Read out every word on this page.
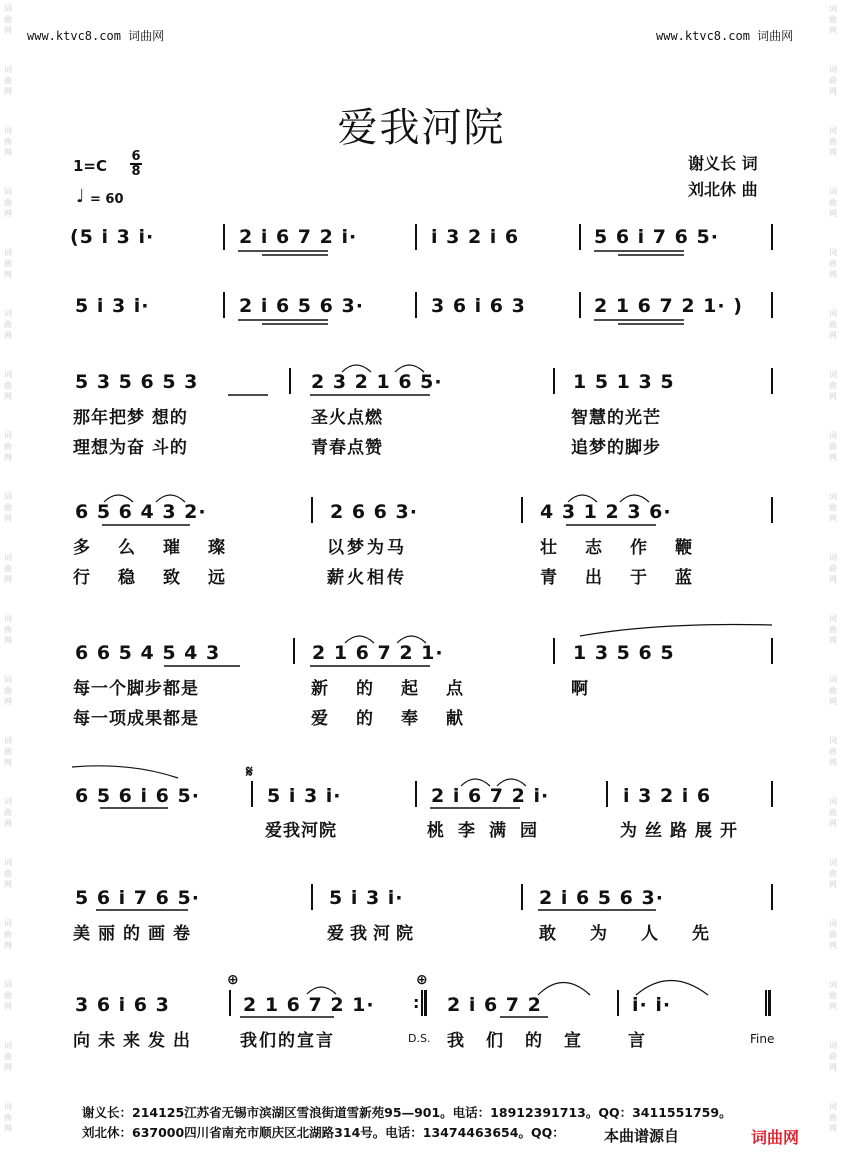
词
曲
网
词
曲
网
词
曲
网
词
曲
网
词
曲
网
词
曲
网
词
曲
网
词
曲
网
词
曲
网
词
曲
网
词
曲
网
词
曲
网
词
曲
网
词
曲
网
词
曲
网
词
曲
网
词
曲
网
词
曲
网
词
曲
网
词
曲
网
词
曲
网
词
曲
网
词
曲
网
词
曲
网
词
曲
网
词
曲
网
词
曲
网
词
曲
网
词
曲
网
词
曲
网
词
曲
网
词
曲
网
词
曲
网
词
曲
网
词
曲
网
词
曲
网
词
曲
网
词
曲
网
www.ktvc8.com 词曲网	www.ktvc8.com 词曲网
爱我河院
1=C
6
8
♩ = 60
谢义长 词
刘北休 曲
(5 i 3 i·	2 i 6 7 2 i·	i 3 2 i 6	5 6 i 7 6 5·
5 i 3 i·	2 i 6 5 6 3·	3 6 i 6 3	2 1 6 7 2 1· )
5 3 5 6 5 3	2 3 2 1 6 5·	1 5 1 3 5
那年把梦 想的	圣火点燃	智慧的光芒
理想为奋 斗的	青春点赞	追梦的脚步
6 5 6 4 3 2·	2 6 6 3·	4 3 1 2 3 6·
多么璀璨	以梦为马	壮志作鞭
行稳致远	薪火相传	青出于蓝
6 6 5 4 5 4 3	2 1 6 7 2 1·	1 3 5 6 5
每一个脚步都是	新的起点	啊
每一项成果都是	爱的奉献
6 5 6 i 6 5·	5 i 3 i·	2 i 6 7 2 i·	i 3 2 i 6
爱我河院	桃李满园	为丝路展开
5 6 i 7 6 5·	5 i 3 i·	2 i 6 5 6 3·
美丽的画卷	爱我河院	敢为人先
3 6 i 6 3	2 1 6 7 2 1· : 2 i 6 7 2	i· i·
向未来发出 我们的宣言	我们的宣 言
𝄋
⊕	⊕
D.S.	Fine
谢义长：214125江苏省无锡市滨湖区雪浪街道雪新苑95—901。电话：18912391713。QQ：3411551759。
刘北休：637000四川省南充市顺庆区北湖路314号。电话：13474463654。QQ：	本曲谱源自	词曲网
